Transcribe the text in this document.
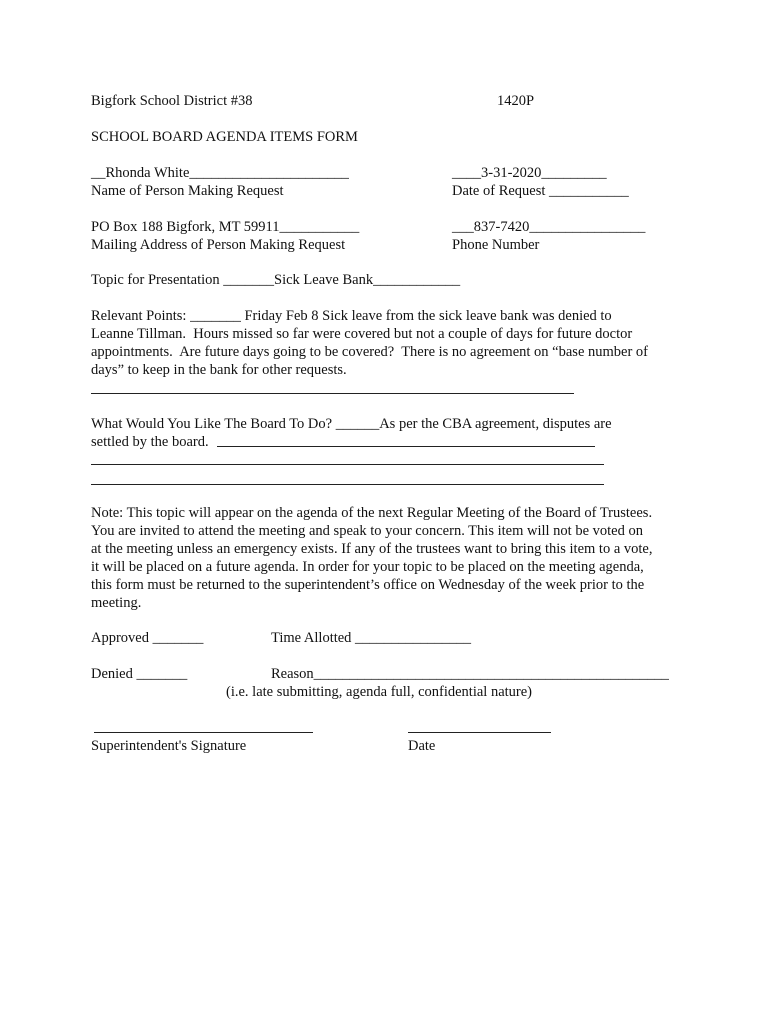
Bigfork School District #38	1420P
SCHOOL BOARD AGENDA ITEMS FORM
__Rhonda White______________________
Name of Person Making Request
____3-31-2020_________
Date of Request ___________
PO Box 188 Bigfork, MT 59911___________
Mailing Address of Person Making Request
___837-7420________________
Phone Number
Topic for Presentation _______Sick Leave Bank____________
Relevant Points: _______ Friday Feb 8 Sick leave from the sick leave bank was denied to
Leanne Tillman.  Hours missed so far were covered but not a couple of days for future doctor
appointments.  Are future days going to be covered?  There is no agreement on “base number of
days” to keep in the bank for other requests.
What Would You Like The Board To Do? ______As per the CBA agreement, disputes are
settled by the board.
Note: This topic will appear on the agenda of the next Regular Meeting of the Board of Trustees.
You are invited to attend the meeting and speak to your concern. This item will not be voted on
at the meeting unless an emergency exists. If any of the trustees want to bring this item to a vote,
it will be placed on a future agenda. In order for your topic to be placed on the meeting agenda,
this form must be returned to the superintendent’s office on Wednesday of the week prior to the
meeting.
Approved _______	Time Allotted ________________
Denied _______	Reason_________________________________________________
(i.e. late submitting, agenda full, confidential nature)
Superintendent's Signature	Date
